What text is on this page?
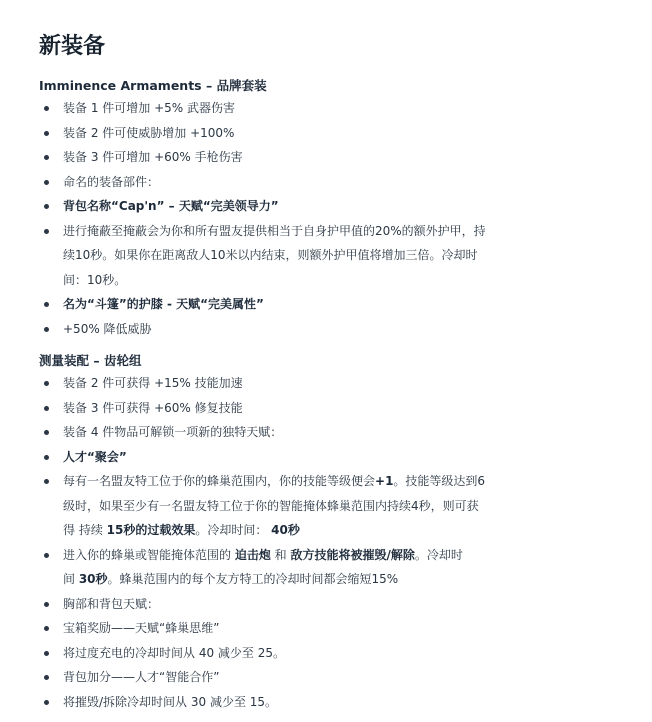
新装备

Imminence Armaments – 品牌套装

装备 1 件可增加 +5% 武器伤害
装备 2 件可使威胁增加 +100%
装备 3 件可增加 +60% 手枪伤害
命名的装备部件：
背包名称“Cap'n” – 天赋“完美领导力”
进行掩蔽至掩蔽会为你和所有盟友提供相当于自身护甲值的20%的额外护甲，持
续10秒。如果你在距离敌人10米以内结束，则额外护甲值将增加三倍。冷却时
间：10秒。
名为“斗篷”的护膝 - 天赋“完美属性”
+50% 降低威胁

测量装配 – 齿轮组

装备 2 件可获得 +15% 技能加速
装备 3 件可获得 +60% 修复技能
装备 4 件物品可解锁一项新的独特天赋：
人才“聚会”
每有一名盟友特工位于你的蜂巢范围内，你的技能等级便会+1。技能等级达到6
级时，如果至少有一名盟友特工位于你的智能掩体蜂巢范围内持续4秒，则可获
得 持续 15秒的过载效果。冷却时间： 40秒
进入你的蜂巢或智能掩体范围的 迫击炮 和 敌方技能将被摧毁/解除。冷却时
间 30秒。蜂巢范围内的每个友方特工的冷却时间都会缩短15%
胸部和背包天赋：
宝箱奖励——天赋“蜂巢思维”
将过度充电的冷却时间从 40 减少至 25。
背包加分——人才“智能合作”
将摧毁/拆除冷却时间从 30 减少至 15。
